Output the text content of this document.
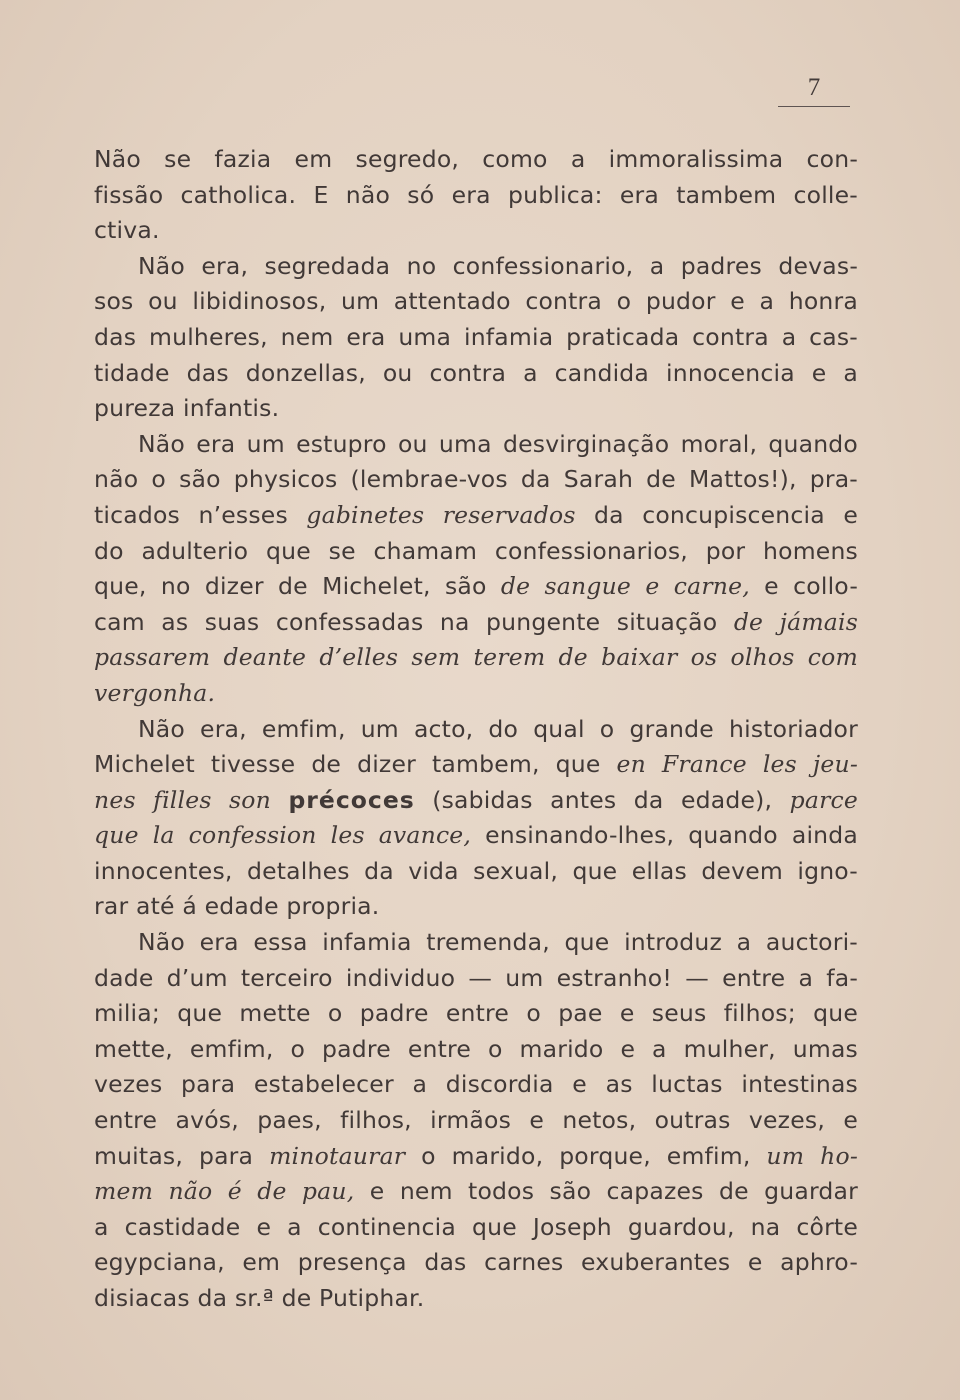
7
Não se fazia em segredo, como a immoralissima con-
fissão catholica. E não só era publica: era tambem collе-
ctiva.
Não era, segredada no confessionario, a padres devas-
sos ou libidinosos, um attentado contra o pudor e a honra
das mulheres, nem era uma infamia praticada contra a cas-
tidade das donzellas, ou contra a candida innocencia e a
pureza infantis.
Não era um estupro ou uma desvirginação moral, quando
não o são physicos (lembrae-vos da Sarah de Mattos!), pra-
ticados n’esses gabinetes reservados da concupiscencia e
do adulterio que se chamam confessionarios, por homens
que, no dizer de Michelet, são de sangue e carne, e collo-
cam as suas confessadas na pungente situação de jámais
passarem deante d’elles sem terem de baixar os olhos com
vergonha.
Não era, emfim, um acto, do qual o grande historiador
Michelet tivesse de dizer tambem, que en France les jeu-
nes filles son précoces (sabidas antes da edade), parce
que la confession les avance, ensinando-lhes, quando ainda
innocentes, detalhes da vida sexual, que ellas devem igno-
rar até á edade propria.
Não era essa infamia tremenda, que introduz a auctori-
dade d’um terceiro individuo — um estranho! — entre a fa-
milia; que mette o padre entre o pae e seus filhos; que
mette, emfim, o padre entre o marido e a mulher, umas
vezes para estabelecer a discordia e as luctas intestinas
entre avós, paes, filhos, irmãos e netos, outras vezes, e
muitas, para minotaurar o marido, porque, emfim, um ho-
mem não é de pau, e nem todos são capazes de guardar
a castidade e a continencia que Joseph guardou, na côrte
egypciana, em presença das carnes exuberantes e aphro-
disiacas da sr.ª de Putiphar.
